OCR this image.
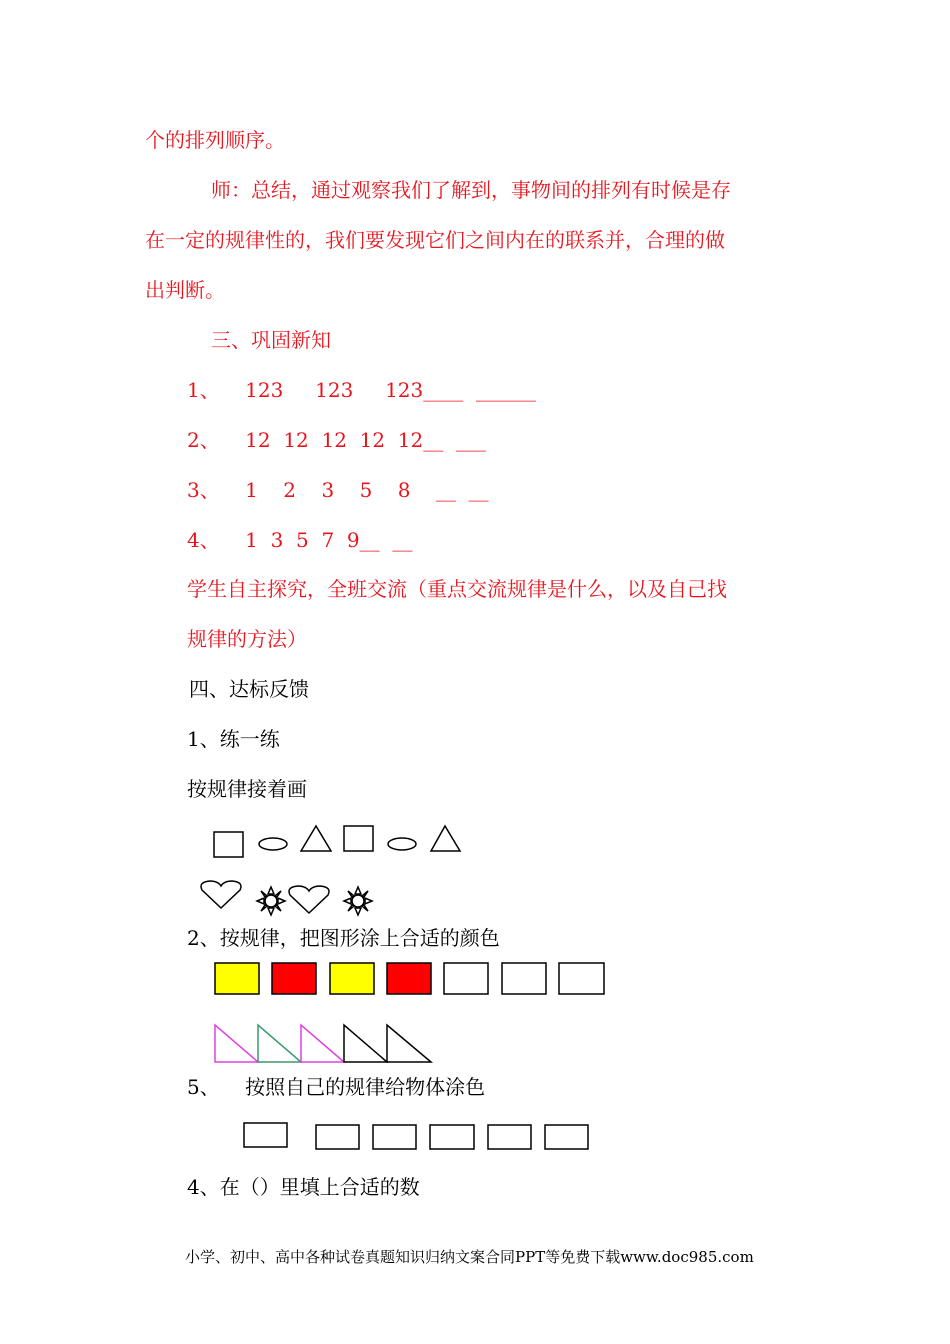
个的排列顺序。
师：总结，通过观察我们了解到，事物间的排列有时候是存
在一定的规律性的，我们要发现它们之间内在的联系并，合理的做
出判断。
三、巩固新知
1、    123     123     123____  ______
2、    12  12  12  12  12__  ___
3、    1    2    3    5    8    __  __
4、    1  3  5  7  9__  __
学生自主探究，全班交流（重点交流规律是什么，以及自己找
规律的方法）
四、达标反馈
1、练一练
按规律接着画
2、按规律，把图形涂上合适的颜色
5、    按照自己的规律给物体涂色
4、在（）里填上合适的数
小学、初中、高中各种试卷真题知识归纳文案合同PPT等免费下载www.doc985.com
